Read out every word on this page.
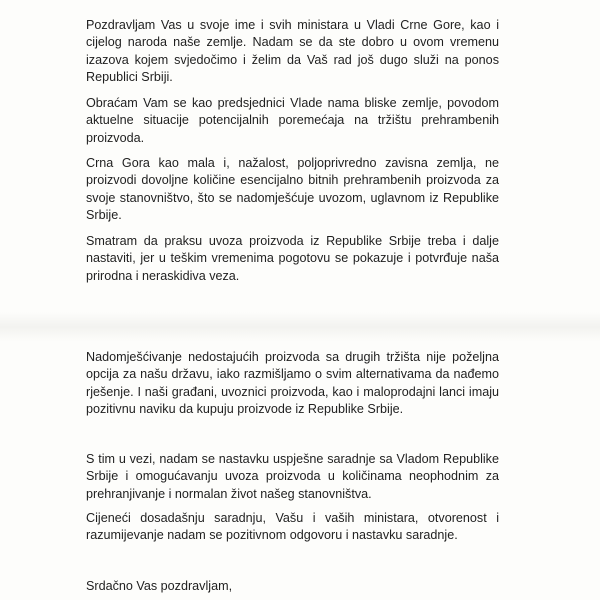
Pozdravljam Vas u svoje ime i svih ministara u Vladi Crne Gore, kao i cijelog naroda naše zemlje. Nadam se da ste dobro u ovom vremenu izazova kojem svjedočimo i želim da Vaš rad još dugo služi na ponos Republici Srbiji.

Obraćam Vam se kao predsjednici Vlade nama bliske zemlje, povodom aktuelne situacije potencijalnih poremećaja na tržištu prehrambenih proizvoda.

Crna Gora kao mala i, nažalost, poljoprivredno zavisna zemlja, ne proizvodi dovoljne količine esencijalno bitnih prehrambenih proizvoda za svoje stanovništvo, što se nadomješćuje uvozom, uglavnom iz Republike Srbije.

Smatram da praksu uvoza proizvoda iz Republike Srbije treba i dalje nastaviti, jer u teškim vremenima pogotovu se pokazuje i potvrđuje naša prirodna i neraskidiva veza.

Nadomješćivanje nedostajućih proizvoda sa drugih tržišta nije poželjna opcija za našu državu, iako razmišljamo o svim alternativama da nađemo rješenje. I naši građani, uvoznici proizvoda, kao i maloprodajni lanci imaju pozitivnu naviku da kupuju proizvode iz Republike Srbije.

S tim u vezi, nadam se nastavku uspješne saradnje sa Vladom Republike Srbije i omogućavanju uvoza proizvoda u količinama neophodnim za prehranjivanje i normalan život našeg stanovništva.

Cijeneći dosadašnju saradnju, Vašu i vaših ministara, otvorenost i razumijevanje nadam se pozitivnom odgovoru i nastavku saradnje.

Srdačno Vas pozdravljam,
